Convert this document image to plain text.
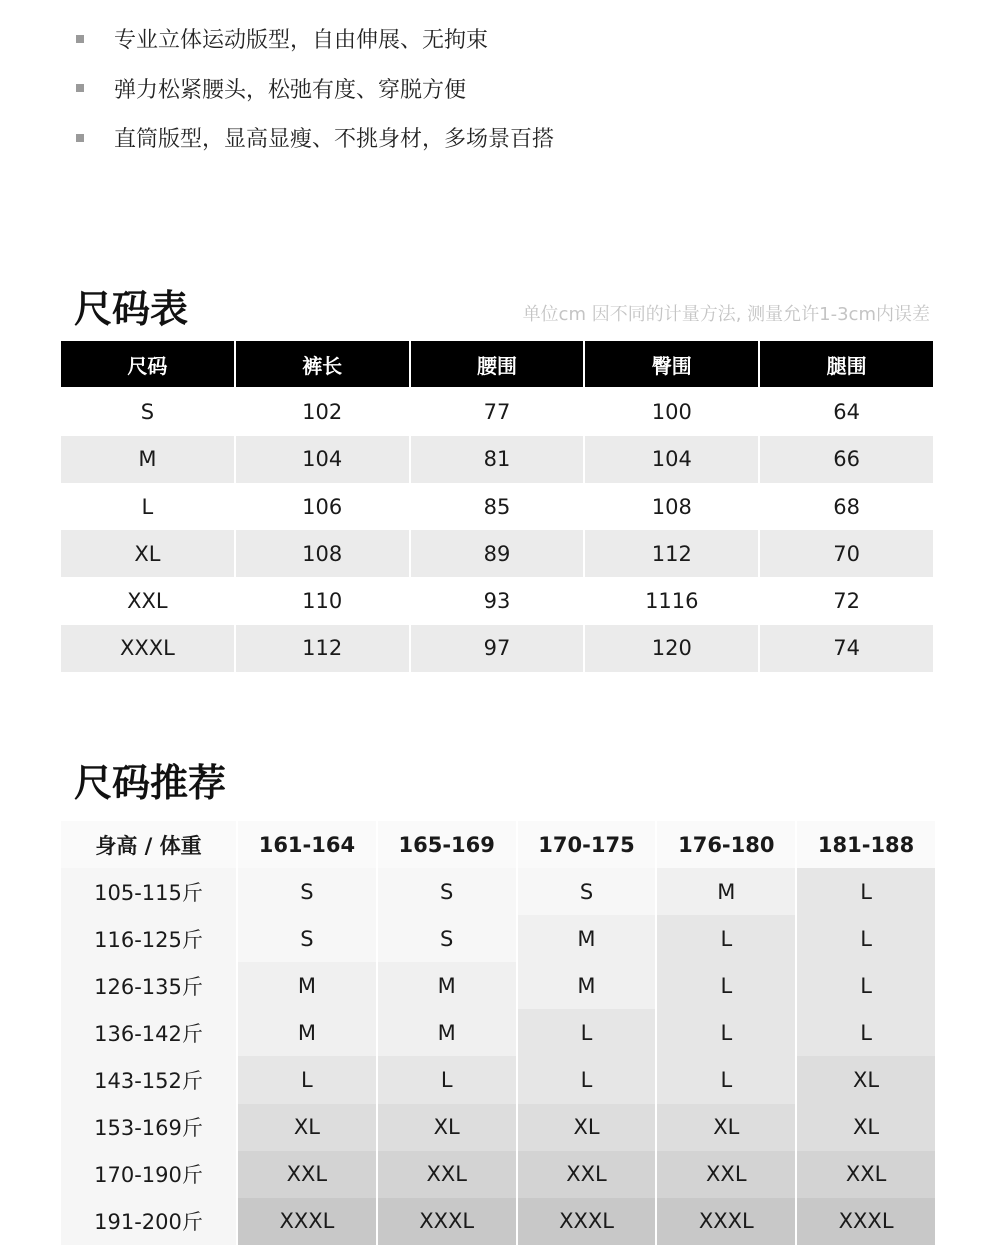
专业立体运动版型，自由伸展、无拘束
弹力松紧腰头，松弛有度、穿脱方便
直筒版型，显高显瘦、不挑身材，多场景百搭
尺码表	单位cm 因不同的计量方法, 测量允许1-3cm内误差
尺码	裤长	腰围	臀围	腿围
S	102	77	100	64
M	104	81	104	66
L	106	85	108	68
XL	108	89	112	70
XXL	110	93	1116	72
XXXL	112	97	120	74
尺码推荐
身高 / 体重	161-164	165-169	170-175	176-180	181-188
105-115斤	S	S	S	M	L
116-125斤	S	S	M	L	L
126-135斤	M	M	M	L	L
136-142斤	M	M	L	L	L
143-152斤	L	L	L	L	XL
153-169斤	XL	XL	XL	XL	XL
170-190斤	XXL	XXL	XXL	XXL	XXL
191-200斤	XXXL	XXXL	XXXL	XXXL	XXXL
